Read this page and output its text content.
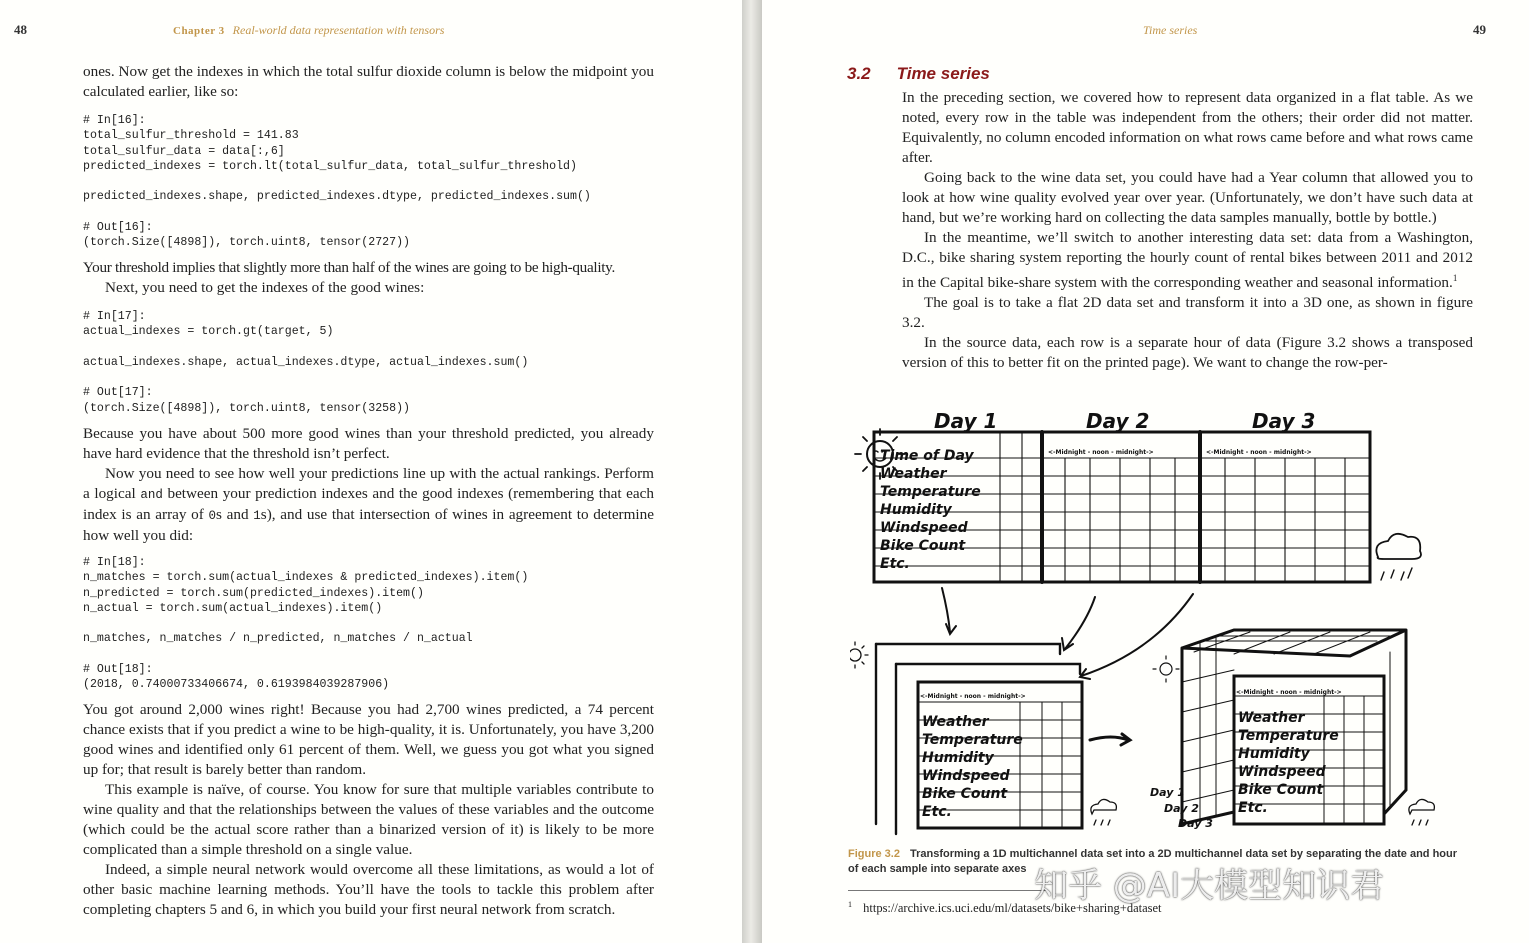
48	Chapter 3 Real-world data representation with tensors

ones. Now get the indexes in which the total sulfur dioxide column is below the midpoint you calculated earlier, like so:

# In[16]:
total_sulfur_threshold = 141.83
total_sulfur_data = data[:,6]
predicted_indexes = torch.lt(total_sulfur_data, total_sulfur_threshold)

predicted_indexes.shape, predicted_indexes.dtype, predicted_indexes.sum()

# Out[16]:
(torch.Size([4898]), torch.uint8, tensor(2727))

Your threshold implies that slightly more than half of the wines are going to be high-quality.

Next, you need to get the indexes of the good wines:

# In[17]:
actual_indexes = torch.gt(target, 5)

actual_indexes.shape, actual_indexes.dtype, actual_indexes.sum()

# Out[17]:
(torch.Size([4898]), torch.uint8, tensor(3258))

Because you have about 500 more good wines than your threshold predicted, you already have hard evidence that the threshold isn’t perfect.

Now you need to see how well your predictions line up with the actual rankings. Perform a logical and between your prediction indexes and the good indexes (remembering that each index is an array of 0s and 1s), and use that intersection of wines in agreement to determine how well you did:

# In[18]:
n_matches = torch.sum(actual_indexes & predicted_indexes).item()
n_predicted = torch.sum(predicted_indexes).item()
n_actual = torch.sum(actual_indexes).item()

n_matches, n_matches / n_predicted, n_matches / n_actual

# Out[18]:
(2018, 0.74000733406674, 0.6193984039287906)

You got around 2,000 wines right! Because you had 2,700 wines predicted, a 74 percent chance exists that if you predict a wine to be high-quality, it is. Unfortunately, you have 3,200 good wines and identified only 61 percent of them. Well, we guess you got what you signed up for; that result is barely better than random.

This example is naïve, of course. You know for sure that multiple variables contribute to wine quality and that the relationships between the values of these variables and the outcome (which could be the actual score rather than a binarized version of it) is likely to be more complicated than a simple threshold on a single value.

Indeed, a simple neural network would overcome all these limitations, as would a lot of other basic machine learning methods. You’ll have the tools to tackle this problem after completing chapters 5 and 6, in which you build your first neural network from scratch.

Time series	49
3.2 Time series

In the preceding section, we covered how to represent data organized in a flat table. As we noted, every row in the table was independent from the others; their order did not matter. Equivalently, no column encoded information on what rows came before and what rows came after.

Going back to the wine data set, you could have had a Year column that allowed you to look at how wine quality evolved year over year. (Unfortunately, we don’t have such data at hand, but we’re working hard on collecting the data samples manually, bottle by bottle.)

In the meantime, we’ll switch to another interesting data set: data from a Washington, D.C., bike sharing system reporting the hourly count of rental bikes between 2011 and 2012 in the Capital bike-share system with the corresponding weather and seasonal information.$^1$

The goal is to take a flat 2D data set and transform it into a 3D one, as shown in figure 3.2.

In the source data, each row is a separate hour of data (Figure 3.2 shows a transposed version of this to better fit on the printed page). We want to change the row-per-

Day 1	Day 2	Day 3
Time of Day
Weather
Temperature
Humidity
Windspeed
Bike Count
Etc.
<-Midnight - noon - midnight->	<-Midnight - noon - midnight->
<-Midnight - noon - midnight->
<-Midnight - noon - midnight->
Weather
Temperature
Humidity
Windspeed
Bike Count
Etc.
Weather
Temperature
Humidity
Windspeed
Bike Count
Etc.
Day 1
Day 2
Day 3
Figure 3.2 Transforming a 1D multichannel data set into a 2D multichannel data set by separating the date and hour of each sample into separate axes
$^1$ https://archive.ics.uci.edu/ml/datasets/bike+sharing+dataset
知乎 @AI大模型知识君
